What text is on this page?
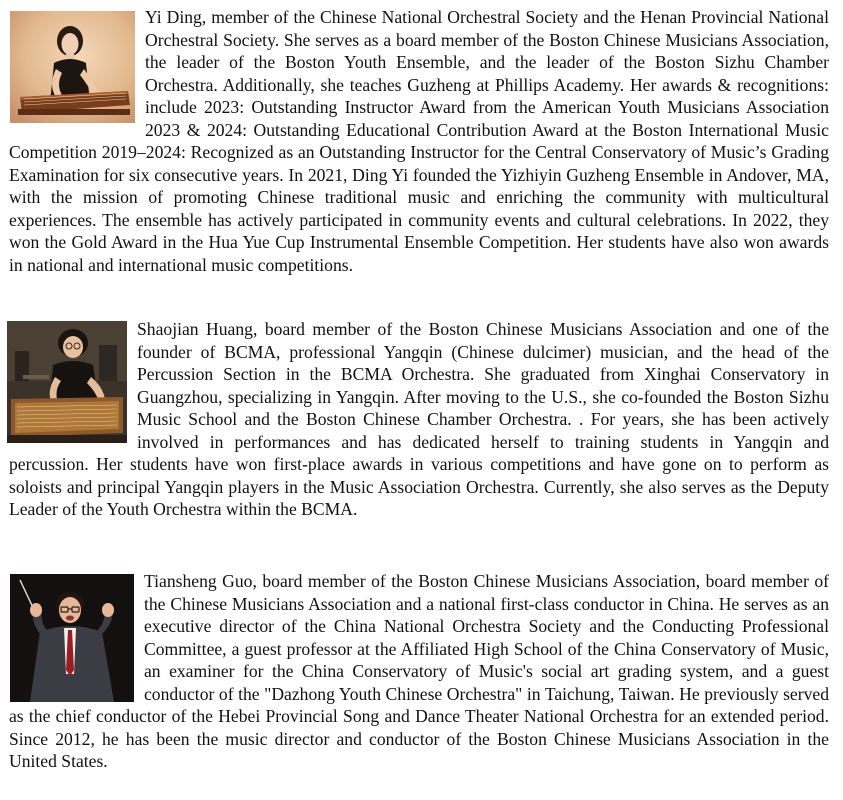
Yi Ding, member of the Chinese National Orchestral Society and the Henan Provincial National Orchestral Society. She serves as a board member of the Boston Chinese Musicians Association, the leader of the Boston Youth Ensemble, and the leader of the Boston Sizhu Chamber Orchestra. Additionally, she teaches Guzheng at Phillips Academy. Her awards & recognitions: include 2023: Outstanding Instructor Award from the American Youth Musicians Association 2023 & 2024: Outstanding Educational Contribution Award at the Boston International Music Competition 2019–2024: Recognized as an Outstanding Instructor for the Central Conservatory of Music’s Grading Examination for six consecutive years. In 2021, Ding Yi founded the Yizhiyin Guzheng Ensemble in Andover, MA, with the mission of promoting Chinese traditional music and enriching the community with multicultural experiences. The ensemble has actively participated in community events and cultural celebrations. In 2022, they won the Gold Award in the Hua Yue Cup Instrumental Ensemble Competition. Her students have also won awards in national and international music competitions.

Shaojian Huang, board member of the Boston Chinese Musicians Association and one of the founder of BCMA, professional Yangqin (Chinese dulcimer) musician, and the head of the Percussion Section in the BCMA Orchestra. She graduated from Xinghai Conservatory in Guangzhou, specializing in Yangqin. After moving to the U.S., she co-founded the Boston Sizhu Music School and the Boston Chinese Chamber Orchestra. . For years, she has been actively involved in performances and has dedicated herself to training students in Yangqin and percussion. Her students have won first-place awards in various competitions and have gone on to perform as soloists and principal Yangqin players in the Music Association Orchestra. Currently, she also serves as the Deputy Leader of the Youth Orchestra within the BCMA.

Tiansheng Guo, board member of the Boston Chinese Musicians Association, board member of the Chinese Musicians Association and a national first-class conductor in China. He serves as an executive director of the China National Orchestra Society and the Conducting Professional Committee, a guest professor at the Affiliated High School of the China Conservatory of Music, an examiner for the China Conservatory of Music's social art grading system, and a guest conductor of the "Dazhong Youth Chinese Orchestra" in Taichung, Taiwan. He previously served as the chief conductor of the Hebei Provincial Song and Dance Theater National Orchestra for an extended period. Since 2012, he has been the music director and conductor of the Boston Chinese Musicians Association in the United States.
